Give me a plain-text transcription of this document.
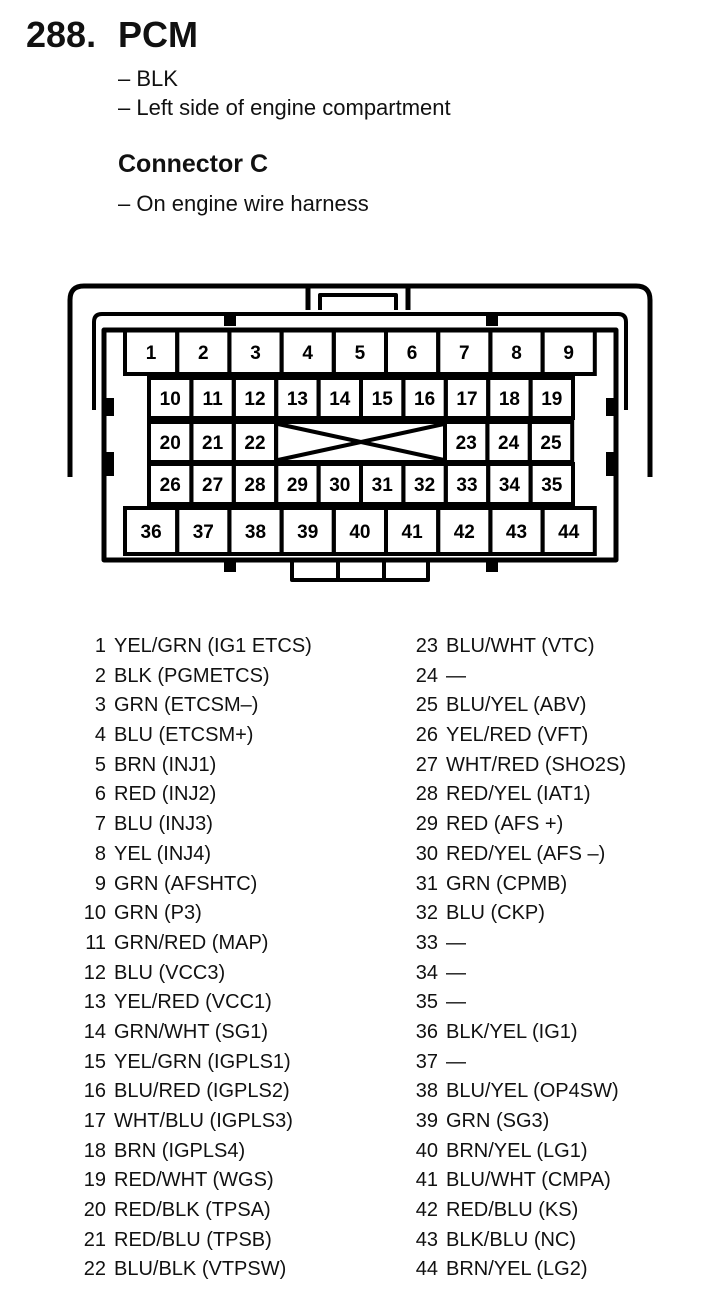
288. PCM
– BLK
– Left side of engine compartment
Connector C
– On engine wire harness
1 2 3 4 5 6 7 8 9
10 11 12 13 14 15 16 17 18 19
20 21 22	23 24 25
26 27 28 29 30 31 32 33 34 35
36 37 38 39 40 41 42 43 44
1 YEL/GRN (IG1 ETCS)
2 BLK (PGMETCS)
3 GRN (ETCSM–)
4 BLU (ETCSM+)
5 BRN (INJ1)
6 RED (INJ2)
7 BLU (INJ3)
8 YEL (INJ4)
9 GRN (AFSHTC)
10 GRN (P3)
11 GRN/RED (MAP)
12 BLU (VCC3)
13 YEL/RED (VCC1)
14 GRN/WHT (SG1)
15 YEL/GRN (IGPLS1)
16 BLU/RED (IGPLS2)
17 WHT/BLU (IGPLS3)
18 BRN (IGPLS4)
19 RED/WHT (WGS)
20 RED/BLK (TPSA)
21 RED/BLU (TPSB)
22 BLU/BLK (VTPSW)
23 BLU/WHT (VTC)
24 —
25 BLU/YEL (ABV)
26 YEL/RED (VFT)
27 WHT/RED (SHO2S)
28 RED/YEL (IAT1)
29 RED (AFS +)
30 RED/YEL (AFS –)
31 GRN (CPMB)
32 BLU (CKP)
33 —
34 —
35 —
36 BLK/YEL (IG1)
37 —
38 BLU/YEL (OP4SW)
39 GRN (SG3)
40 BRN/YEL (LG1)
41 BLU/WHT (CMPA)
42 RED/BLU (KS)
43 BLK/BLU (NC)
44 BRN/YEL (LG2)
